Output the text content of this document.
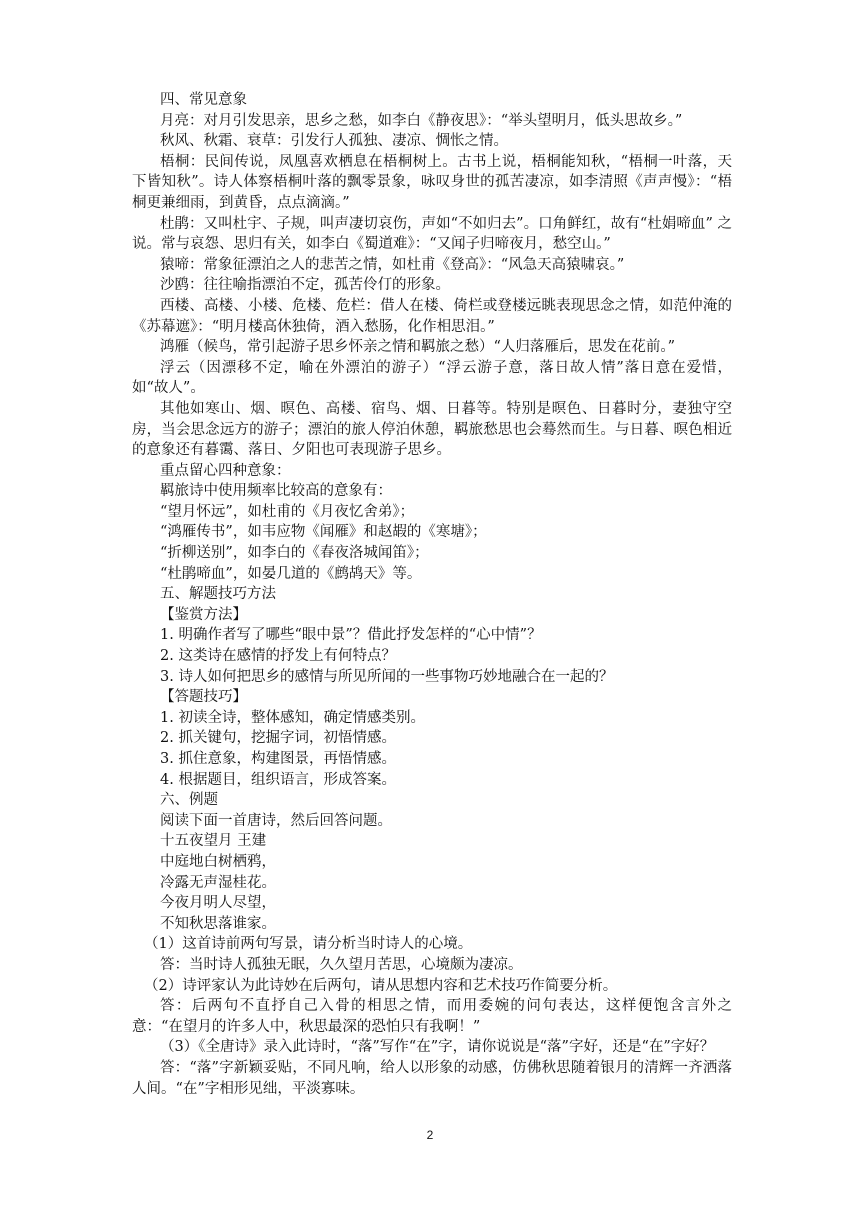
四、常见意象

月亮：对月引发思亲，思乡之愁，如李白《静夜思》：“举头望明月，低头思故乡。”

秋风、秋霜、衰草：引发行人孤独、凄凉、惆怅之情。

梧桐：民间传说，凤凰喜欢栖息在梧桐树上。古书上说，梧桐能知秋，“梧桐一叶落，天下皆知秋”。诗人体察梧桐叶落的飘零景象，咏叹身世的孤苦凄凉，如李清照《声声慢》：“梧桐更兼细雨，到黄昏，点点滴滴。”

杜鹃：又叫杜宇、子规，叫声凄切哀伤，声如“不如归去”。口角鲜红，故有“杜娟啼血” 之说。常与哀怨、思归有关，如李白《蜀道难》：“又闻子归啼夜月，愁空山。”

猿啼：常象征漂泊之人的悲苦之情，如杜甫《登高》：“风急天高猿啸哀。”

沙鸥：往往喻指漂泊不定，孤苦伶仃的形象。

西楼、高楼、小楼、危楼、危栏：借人在楼、倚栏或登楼远眺表现思念之情，如范仲淹的《苏幕遮》：“明月楼高休独倚，酒入愁肠，化作相思泪。”

鸿雁（候鸟，常引起游子思乡怀亲之情和羁旅之愁）“人归落雁后，思发在花前。”

浮云（因漂移不定，喻在外漂泊的游子）“浮云游子意，落日故人情”落日意在爱惜，如“故人”。

其他如寒山、烟、暝色、高楼、宿鸟、烟、日暮等。特别是暝色、日暮时分，妻独守空房，当会思念远方的游子；漂泊的旅人停泊休憩，羁旅愁思也会蓦然而生。与日暮、暝色相近的意象还有暮霭、落日、夕阳也可表现游子思乡。

重点留心四种意象：

羁旅诗中使用频率比较高的意象有：

“望月怀远”，如杜甫的《月夜忆舍弟》；

“鸿雁传书”，如韦应物《闻雁》和赵嘏的《寒塘》；

“折柳送别”，如李白的《春夜洛城闻笛》；

“杜鹃啼血”，如晏几道的《鹧鸪天》等。

五、解题技巧方法

【鉴赏方法】

1. 明确作者写了哪些“眼中景”？借此抒发怎样的“心中情”？

2. 这类诗在感情的抒发上有何特点？

3. 诗人如何把思乡的感情与所见所闻的一些事物巧妙地融合在一起的？

【答题技巧】

1. 初读全诗，整体感知，确定情感类别。

2. 抓关键句，挖掘字词，初悟情感。

3. 抓住意象，构建图景，再悟情感。

4. 根据题目，组织语言，形成答案。

六、例题

阅读下面一首唐诗，然后回答问题。

十五夜望月 王建

中庭地白树栖鸦，

冷露无声湿桂花。

今夜月明人尽望，

不知秋思落谁家。

（1）这首诗前两句写景，请分析当时诗人的心境。

答：当时诗人孤独无眠，久久望月苦思，心境颇为凄凉。

（2）诗评家认为此诗妙在后两句，请从思想内容和艺术技巧作简要分析。

答：后两句不直抒自己入骨的相思之情，而用委婉的问句表达，这样便饱含言外之意：“在望月的许多人中，秋思最深的恐怕只有我啊！”

（3）《全唐诗》录入此诗时，“落”写作“在”字，请你说说是“落”字好，还是“在”字好？

答：“落”字新颖妥贴，不同凡响，给人以形象的动感，仿佛秋思随着银月的清辉一齐洒落人间。“在”字相形见绌，平淡寡味。

2
